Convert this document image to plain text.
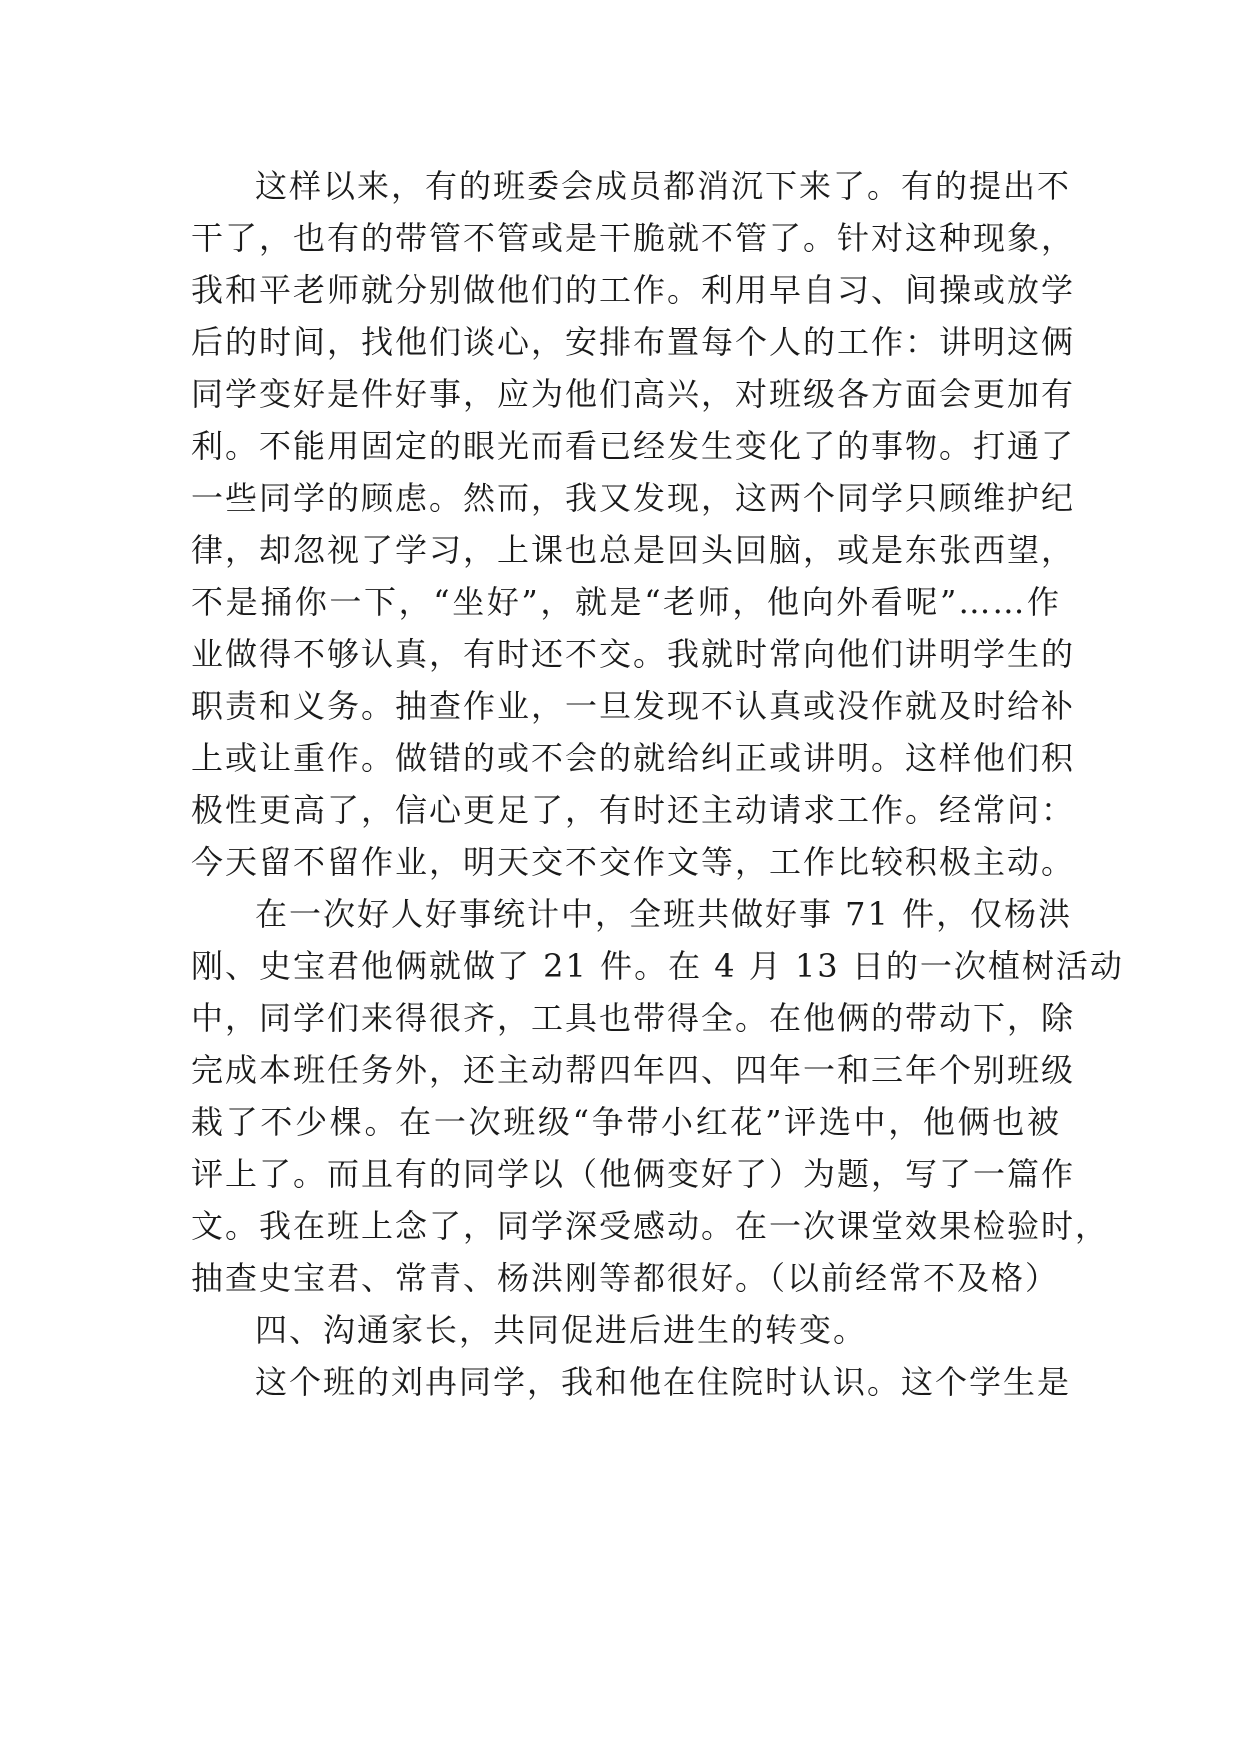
这样以来，有的班委会成员都消沉下来了。有的提出不
干了，也有的带管不管或是干脆就不管了。针对这种现象，
我和平老师就分别做他们的工作。利用早自习、间操或放学
后的时间，找他们谈心，安排布置每个人的工作：讲明这俩
同学变好是件好事，应为他们高兴，对班级各方面会更加有
利。不能用固定的眼光而看已经发生变化了的事物。打通了
一些同学的顾虑。然而，我又发现，这两个同学只顾维护纪
律，却忽视了学习，上课也总是回头回脑，或是东张西望，
不是捅你一下，“坐好”，就是“老师，他向外看呢”……作
业做得不够认真，有时还不交。我就时常向他们讲明学生的
职责和义务。抽查作业，一旦发现不认真或没作就及时给补
上或让重作。做错的或不会的就给纠正或讲明。这样他们积
极性更高了，信心更足了，有时还主动请求工作。经常问：
今天留不留作业，明天交不交作文等，工作比较积极主动。
在一次好人好事统计中，全班共做好事 71 件，仅杨洪
刚、史宝君他俩就做了 21 件。在 4 月 13 日的一次植树活动
中，同学们来得很齐，工具也带得全。在他俩的带动下，除
完成本班任务外，还主动帮四年四、四年一和三年个别班级
栽了不少棵。在一次班级“争带小红花”评选中，他俩也被
评上了。而且有的同学以（他俩变好了）为题，写了一篇作
文。我在班上念了，同学深受感动。在一次课堂效果检验时，
抽查史宝君、常青、杨洪刚等都很好。（以前经常不及格）
四、沟通家长，共同促进后进生的转变。
这个班的刘冉同学，我和他在住院时认识。这个学生是
